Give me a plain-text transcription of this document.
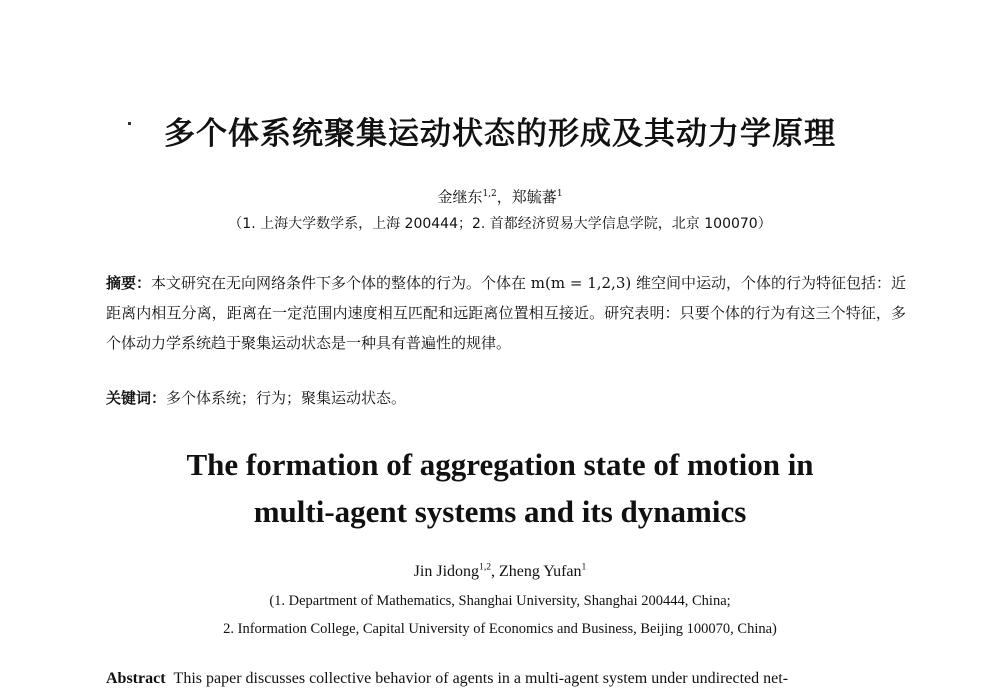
多个体系统聚集运动状态的形成及其动力学原理
金继东$^{1,2}$，郑毓蕃$^1$
（1. 上海大学数学系，上海 200444；2. 首都经济贸易大学信息学院，北京 100070）
摘要：本文研究在无向网络条件下多个体的整体的行为。个体在 m(m = 1,2,3) 维空间中运动，个体的行为特征包括：近距离内相互分离，距离在一定范围内速度相互匹配和远距离位置相互接近。研究表明：只要个体的行为有这三个特征，多个体动力学系统趋于聚集运动状态是一种具有普遍性的规律。
关键词：多个体系统；行为；聚集运动状态。
The formation of aggregation state of motion in
multi-agent systems and its dynamics
Jin Jidong$^{1,2}$, Zheng Yufan$^1$
(1. Department of Mathematics, Shanghai University, Shanghai 200444, China;
2. Information College, Capital University of Economics and Business, Beijing 100070, China)
Abstract This paper discusses collective behavior of agents in a multi-agent system under undirected net-
